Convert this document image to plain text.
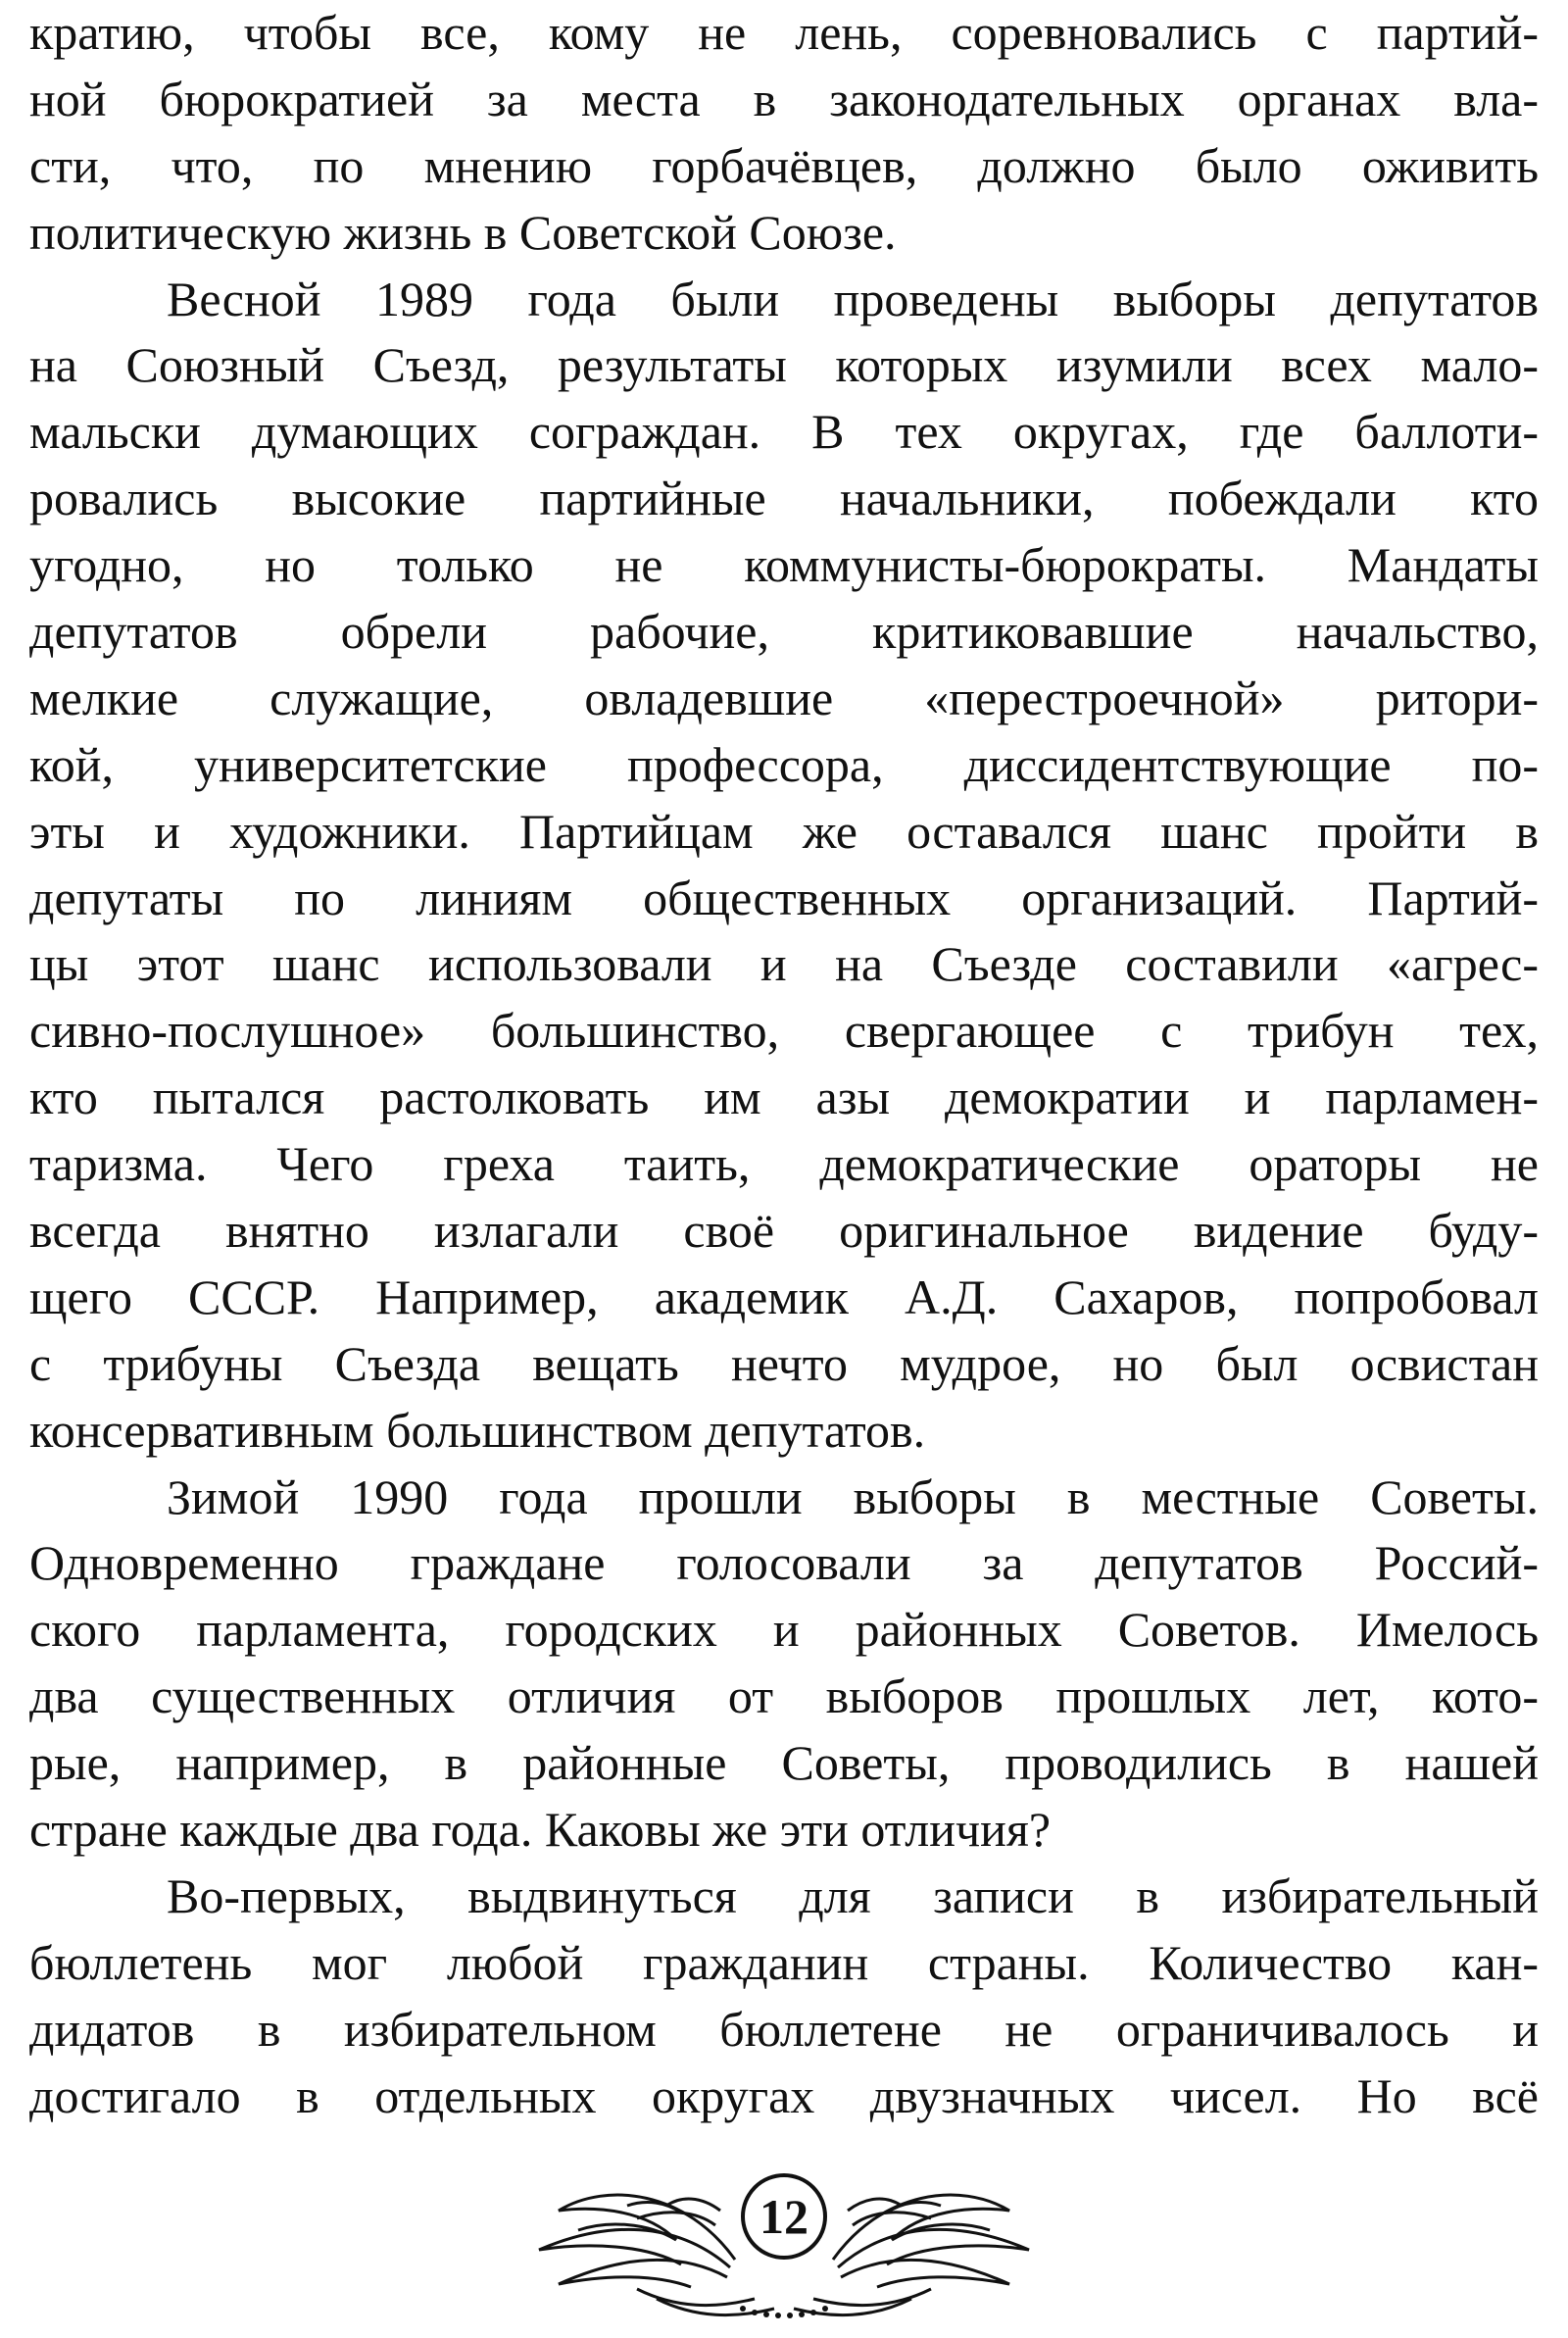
кратию, чтобы все, кому не лень, соревновались с партий-
ной бюрократией за места в законодательных органах вла-
сти, что, по мнению горбачёвцев, должно было оживить
политическую жизнь в Советской Союзе.
Весной 1989 года были проведены выборы депутатов
на Союзный Съезд, результаты которых изумили всех мало-
мальски думающих сограждан. В тех округах, где баллоти-
ровались высокие партийные начальники, побеждали кто
угодно, но только не коммунисты-бюрократы. Мандаты
депутатов обрели рабочие, критиковавшие начальство,
мелкие служащие, овладевшие «перестроечной» ритори-
кой, университетские профессора, диссидентствующие по-
эты и художники. Партийцам же оставался шанс пройти в
депутаты по линиям общественных организаций. Партий-
цы этот шанс использовали и на Съезде составили «агрес-
сивно-послушное» большинство, свергающее с трибун тех,
кто пытался растолковать им азы демократии и парламен-
таризма. Чего греха таить, демократические ораторы не
всегда внятно излагали своё оригинальное видение буду-
щего СССР. Например, академик А.Д. Сахаров, попробовал
с трибуны Съезда вещать нечто мудрое, но был освистан
консервативным большинством депутатов.
Зимой 1990 года прошли выборы в местные Советы.
Одновременно граждане голосовали за депутатов Россий-
ского парламента, городских и районных Советов. Имелось
два существенных отличия от выборов прошлых лет, кото-
рые, например, в районные Советы, проводились в нашей
стране каждые два года. Каковы же эти отличия?
Во-первых, выдвинуться для записи в избирательный
бюллетень мог любой гражданин страны. Количество кан-
дидатов в избирательном бюллетене не ограничивалось и
достигало в отдельных округах двузначных чисел. Но всё
12
